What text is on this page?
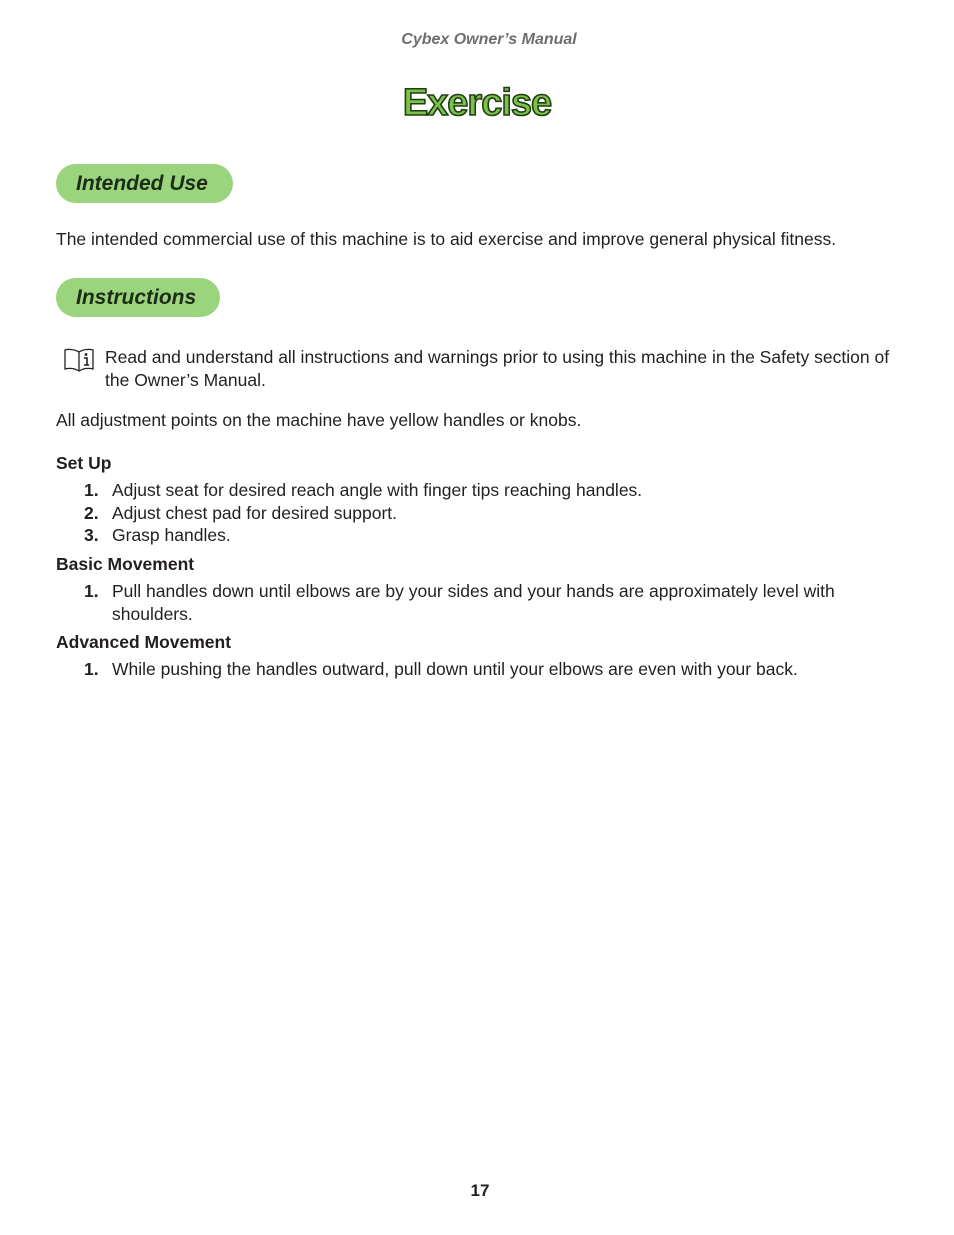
Cybex Owner’s Manual
Exercise
Intended Use
The intended commercial use of this machine is to aid exercise and improve general physical fitness.
Instructions
Read and understand all instructions and warnings prior to using this machine in the Safety section of the Owner’s Manual.
All adjustment points on the machine have yellow handles or knobs.
Set Up
1. Adjust seat for desired reach angle with finger tips reaching handles.
2. Adjust chest pad for desired support.
3. Grasp handles.
Basic Movement
1. Pull handles down until elbows are by your sides and your hands are approximately level with shoulders.
Advanced Movement
1. While pushing the handles outward, pull down until your elbows are even with your back.
17
